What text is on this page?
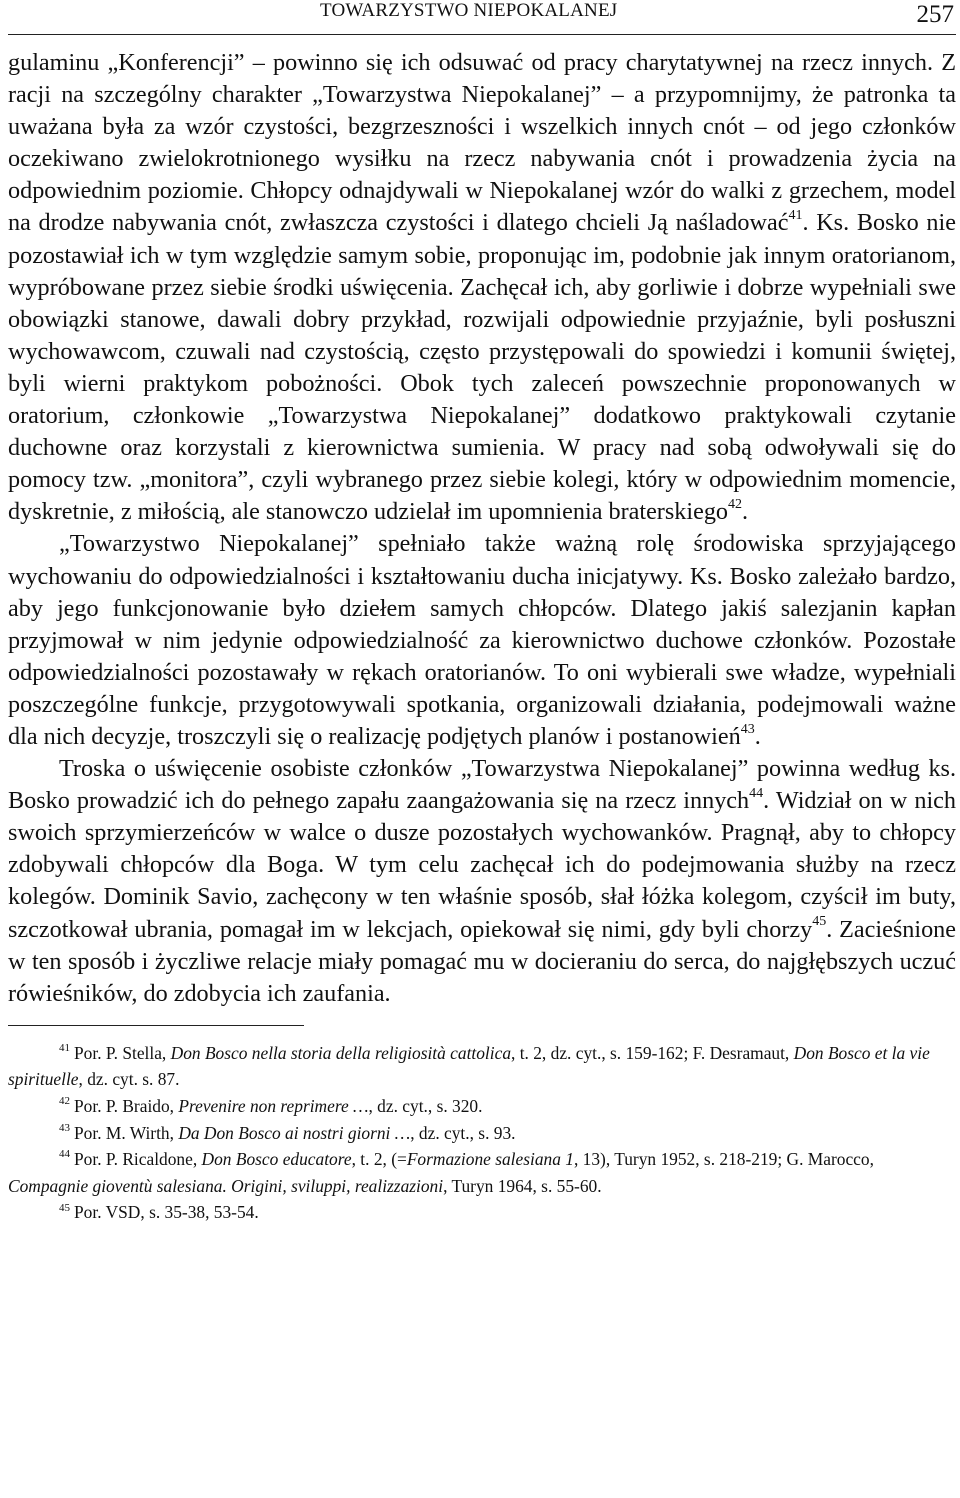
TOWARZYSTWO NIEPOKALANEJ	257

gulaminu „Konferencji” – powinno się ich odsuwać od pracy charytatywnej na rzecz innych. Z racji na szczególny charakter „Towarzystwa Niepokalanej” – a przypomnijmy, że patronka ta uważana była za wzór czystości, bezgrzeszności i wszelkich innych cnót – od jego członków oczekiwano zwielokrotnionego wysiłku na rzecz nabywania cnót i prowadzenia życia na odpowiednim poziomie. Chłopcy odnajdywali w Niepokalanej wzór do walki z grzechem, model na drodze nabywania cnót, zwłaszcza czystości i dlatego chcieli Ją naśladować$^{41}$. Ks. Bosko nie pozostawiał ich w tym względzie samym sobie, proponując im, podobnie jak innym oratorianom, wypróbowane przez siebie środki uświęcenia. Zachęcał ich, aby gorliwie i dobrze wypełniali swe obowiązki stanowe, dawali dobry przykład, rozwijali odpowiednie przyjaźnie, byli posłuszni wychowawcom, czuwali nad czystością, często przystępowali do spowiedzi i komunii świętej, byli wierni praktykom pobożności. Obok tych zaleceń powszechnie proponowanych w oratorium, członkowie „Towarzystwa Niepokalanej” dodatkowo praktykowali czytanie duchowne oraz korzystali z kierownictwa sumienia. W pracy nad sobą odwoływali się do pomocy tzw. „monitora”, czyli wybranego przez siebie kolegi, który w odpowiednim momencie, dyskretnie, z miłością, ale stanowczo udzielał im upomnienia braterskiego$^{42}$.

„Towarzystwo Niepokalanej” spełniało także ważną rolę środowiska sprzyjającego wychowaniu do odpowiedzialności i kształtowaniu ducha inicjatywy. Ks. Bosko zależało bardzo, aby jego funkcjonowanie było dziełem samych chłopców. Dlatego jakiś salezjanin kapłan przyjmował w nim jedynie odpowiedzialność za kierownictwo duchowe członków. Pozostałe odpowiedzialności pozostawały w rękach oratorianów. To oni wybierali swe władze, wypełniali poszczególne funkcje, przygotowywali spotkania, organizowali działania, podejmowali ważne dla nich decyzje, troszczyli się o realizację podjętych planów i postanowień$^{43}$.

Troska o uświęcenie osobiste członków „Towarzystwa Niepokalanej” powinna według ks. Bosko prowadzić ich do pełnego zapału zaangażowania się na rzecz innych$^{44}$. Widział on w nich swoich sprzymierzeńców w walce o dusze pozostałych wychowanków. Pragnął, aby to chłopcy zdobywali chłopców dla Boga. W tym celu zachęcał ich do podejmowania służby na rzecz kolegów. Dominik Savio, zachęcony w ten właśnie sposób, słał łóżka kolegom, czyścił im buty, szczotkował ubrania, pomagał im w lekcjach, opiekował się nimi, gdy byli chorzy$^{45}$. Zacieśnione w ten sposób i życzliwe relacje miały pomagać mu w docieraniu do serca, do najgłębszych uczuć rówieśników, do zdobycia ich zaufania.

$^{41}$ Por. P. Stella, Don Bosco nella storia della religiosità cattolica, t. 2, dz. cyt., s. 159-162; F. Desramaut, Don Bosco et la vie spirituelle, dz. cyt. s. 87.

$^{42}$ Por. P. Braido, Prevenire non reprimere …, dz. cyt., s. 320.

$^{43}$ Por. M. Wirth, Da Don Bosco ai nostri giorni …, dz. cyt., s. 93.

$^{44}$ Por. P. Ricaldone, Don Bosco educatore, t. 2, (=Formazione salesiana 1, 13), Turyn 1952, s. 218-219; G. Marocco, Compagnie gioventù salesiana. Origini, sviluppi, realizzazioni, Turyn 1964, s. 55-60.

$^{45}$ Por. VSD, s. 35-38, 53-54.
